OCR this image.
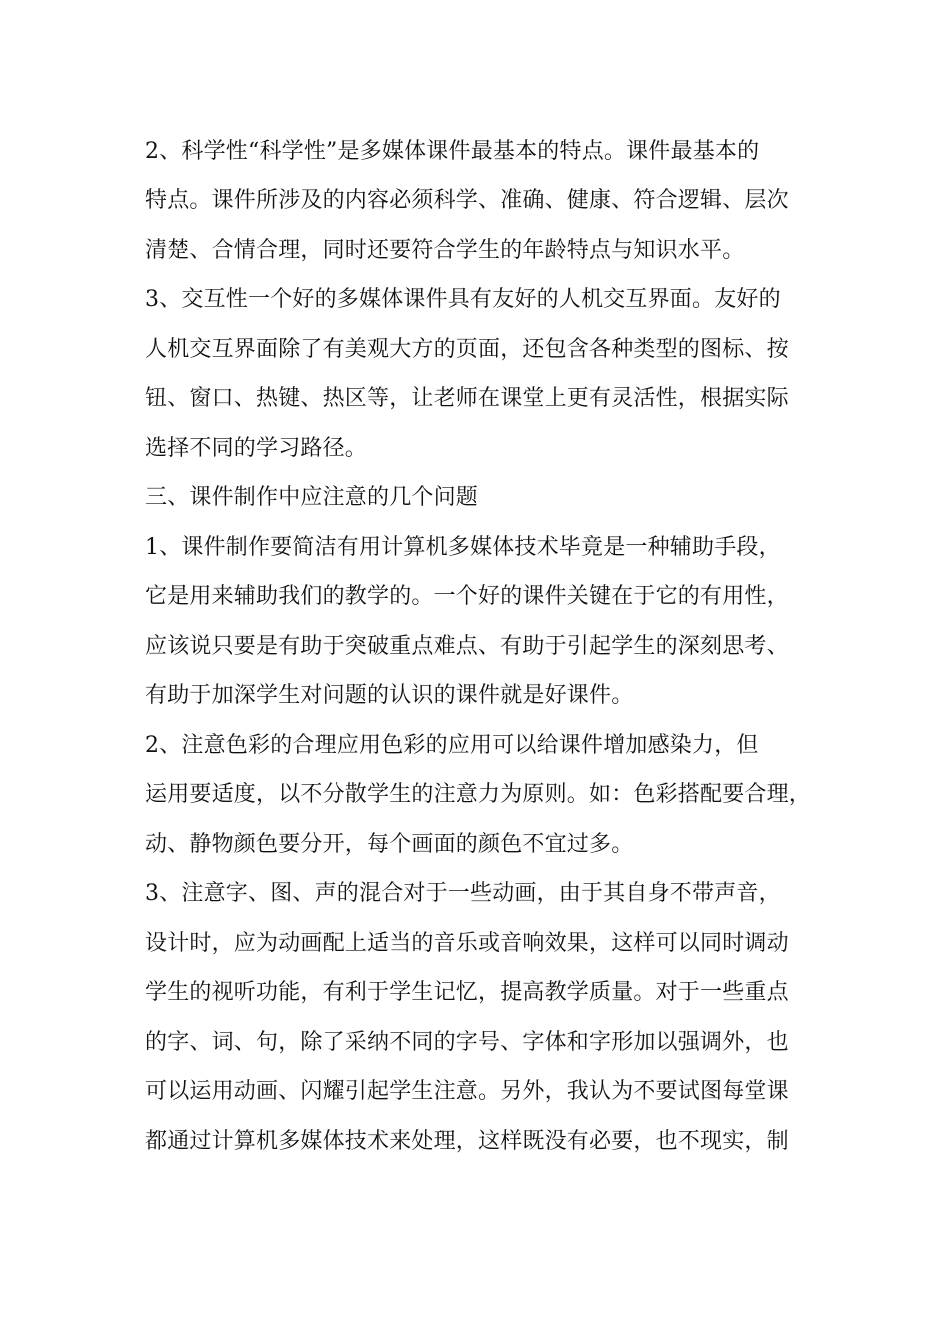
2、科学性“科学性”是多媒体课件最基本的特点。课件最基本的
特点。课件所涉及的内容必须科学、准确、健康、符合逻辑、层次
清楚、合情合理，同时还要符合学生的年龄特点与知识水平。
3、交互性一个好的多媒体课件具有友好的人机交互界面。友好的
人机交互界面除了有美观大方的页面，还包含各种类型的图标、按
钮、窗口、热键、热区等，让老师在课堂上更有灵活性，根据实际
选择不同的学习路径。
三、课件制作中应注意的几个问题
1、课件制作要简洁有用计算机多媒体技术毕竟是一种辅助手段，
它是用来辅助我们的教学的。一个好的课件关键在于它的有用性，
应该说只要是有助于突破重点难点、有助于引起学生的深刻思考、
有助于加深学生对问题的认识的课件就是好课件。
2、注意色彩的合理应用色彩的应用可以给课件增加感染力，但
运用要适度，以不分散学生的注意力为原则。如：色彩搭配要合理，
动、静物颜色要分开，每个画面的颜色不宜过多。
3、注意字、图、声的混合对于一些动画，由于其自身不带声音，
设计时，应为动画配上适当的音乐或音响效果，这样可以同时调动
学生的视听功能，有利于学生记忆，提高教学质量。对于一些重点
的字、词、句，除了采纳不同的字号、字体和字形加以强调外，也
可以运用动画、闪耀引起学生注意。另外，我认为不要试图每堂课
都通过计算机多媒体技术来处理，这样既没有必要，也不现实，制
